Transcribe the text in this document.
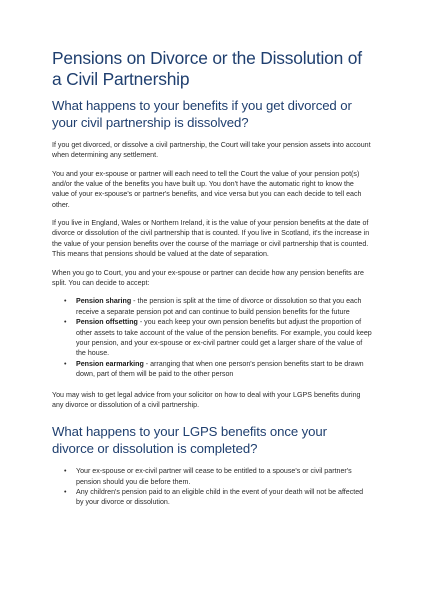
Pensions on Divorce or the Dissolution of a Civil Partnership
What happens to your benefits if you get divorced or your civil partnership is dissolved?

If you get divorced, or dissolve a civil partnership, the Court will take your pension assets into account when determining any settlement.

You and your ex-spouse or partner will each need to tell the Court the value of your pension pot(s) and/or the value of the benefits you have built up. You don't have the automatic right to know the value of your ex-spouse's or partner's benefits, and vice versa but you can each decide to tell each other.

If you live in England, Wales or Northern Ireland, it is the value of your pension benefits at the date of divorce or dissolution of the civil partnership that is counted. If you live in Scotland, it's the increase in the value of your pension benefits over the course of the marriage or civil partnership that is counted. This means that pensions should be valued at the date of separation.

When you go to Court, you and your ex-spouse or partner can decide how any pension benefits are split. You can decide to accept:

• Pension sharing - the pension is split at the time of divorce or dissolution so that you each receive a separate pension pot and can continue to build pension benefits for the future
• Pension offsetting - you each keep your own pension benefits but adjust the proportion of other assets to take account of the value of the pension benefits. For example, you could keep your pension, and your ex-spouse or ex-civil partner could get a larger share of the value of the house.
• Pension earmarking - arranging that when one person's pension benefits start to be drawn down, part of them will be paid to the other person

You may wish to get legal advice from your solicitor on how to deal with your LGPS benefits during any divorce or dissolution of a civil partnership.

What happens to your LGPS benefits once your divorce or dissolution is completed?
• Your ex-spouse or ex-civil partner will cease to be entitled to a spouse's or civil partner's pension should you die before them.
• Any children's pension paid to an eligible child in the event of your death will not be affected by your divorce or dissolution.
